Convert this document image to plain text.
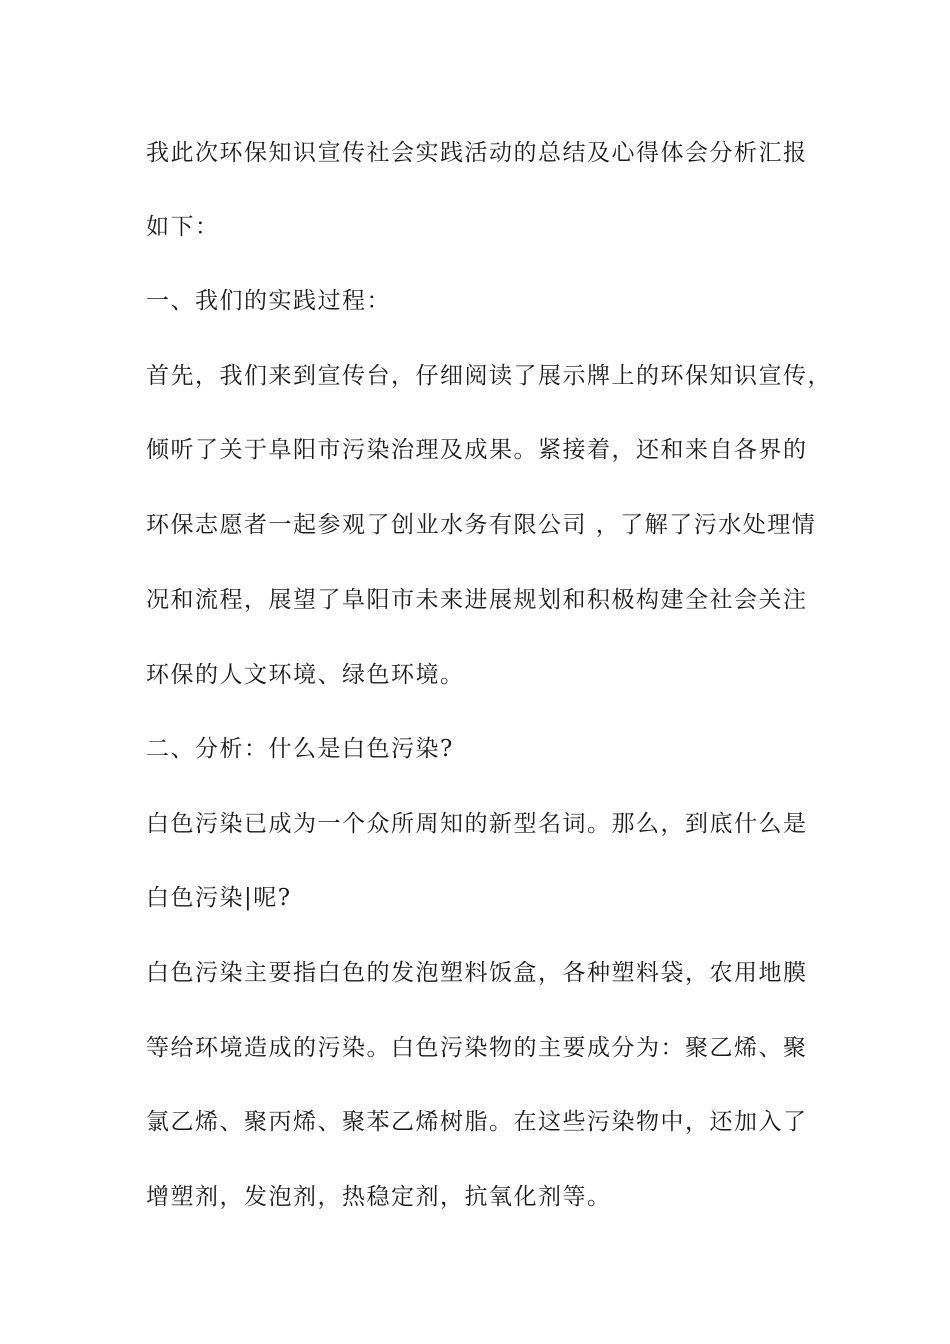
我此次环保知识宣传社会实践活动的总结及心得体会分析汇报
如下：
一、我们的实践过程：
首先，我们来到宣传台，仔细阅读了展示牌上的环保知识宣传，
倾听了关于阜阳市污染治理及成果。紧接着，还和来自各界的
环保志愿者一起参观了创业水务有限公司 ，了解了污水处理情
况和流程，展望了阜阳市未来进展规划和积极构建全社会关注
环保的人文环境、绿色环境。
二、分析：什么是白色污染?
白色污染已成为一个众所周知的新型名词。那么，到底什么是
白色污染|呢?
白色污染主要指白色的发泡塑料饭盒，各种塑料袋，农用地膜
等给环境造成的污染。白色污染物的主要成分为：聚乙烯、聚
氯乙烯、聚丙烯、聚苯乙烯树脂。在这些污染物中，还加入了
增塑剂，发泡剂，热稳定剂，抗氧化剂等。
